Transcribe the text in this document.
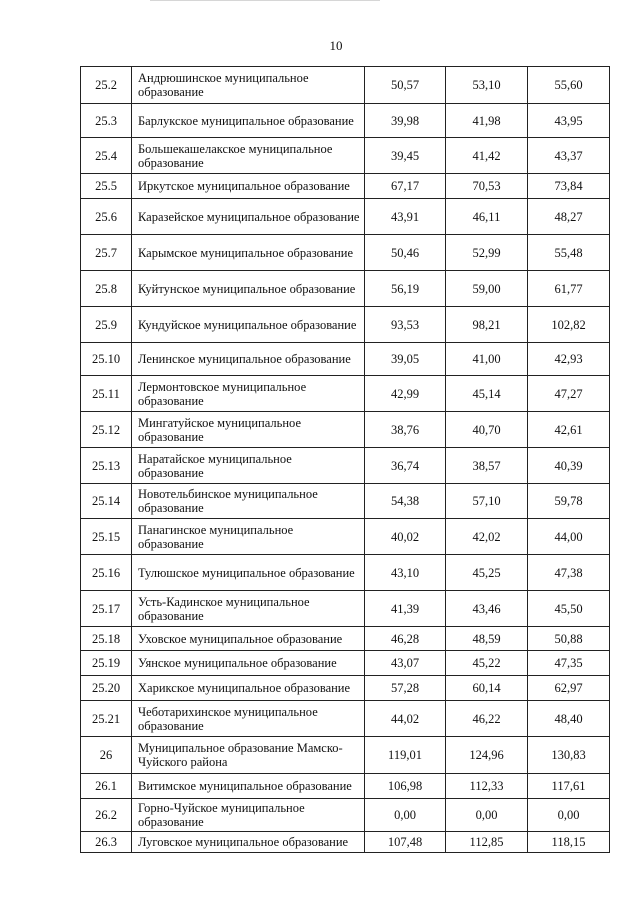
10
25.2	Андрюшинское муниципальное образование	50,57	53,10	55,60
25.3	Барлукское муниципальное образование	39,98	41,98	43,95
25.4	Большекашелакское муниципальное образование	39,45	41,42	43,37
25.5	Иркутское муниципальное образование	67,17	70,53	73,84
25.6	Каразейское муниципальное образование	43,91	46,11	48,27
25.7	Карымское муниципальное образование	50,46	52,99	55,48
25.8	Куйтунское муниципальное образование	56,19	59,00	61,77
25.9	Кундуйское муниципальное образование	93,53	98,21	102,82
25.10	Ленинское муниципальное образование	39,05	41,00	42,93
25.11	Лермонтовское муниципальное образование	42,99	45,14	47,27
25.12	Мингатуйское муниципальное образование	38,76	40,70	42,61
25.13	Наратайское муниципальное образование	36,74	38,57	40,39
25.14	Новотельбинское муниципальное образование	54,38	57,10	59,78
25.15	Панагинское муниципальное образование	40,02	42,02	44,00
25.16	Тулюшское муниципальное образование	43,10	45,25	47,38
25.17	Усть-Кадинское муниципальное образование	41,39	43,46	45,50
25.18	Уховское муниципальное образование	46,28	48,59	50,88
25.19	Уянское муниципальное образование	43,07	45,22	47,35
25.20	Харикское муниципальное образование	57,28	60,14	62,97
25.21	Чеботарихинское муниципальное образование	44,02	46,22	48,40
26	Муниципальное образование Мамско-Чуйского района	119,01	124,96	130,83
26.1	Витимское муниципальное образование	106,98	112,33	117,61
26.2	Горно-Чуйское муниципальное образование	0,00	0,00	0,00
26.3	Луговское муниципальное образование	107,48	112,85	118,15
